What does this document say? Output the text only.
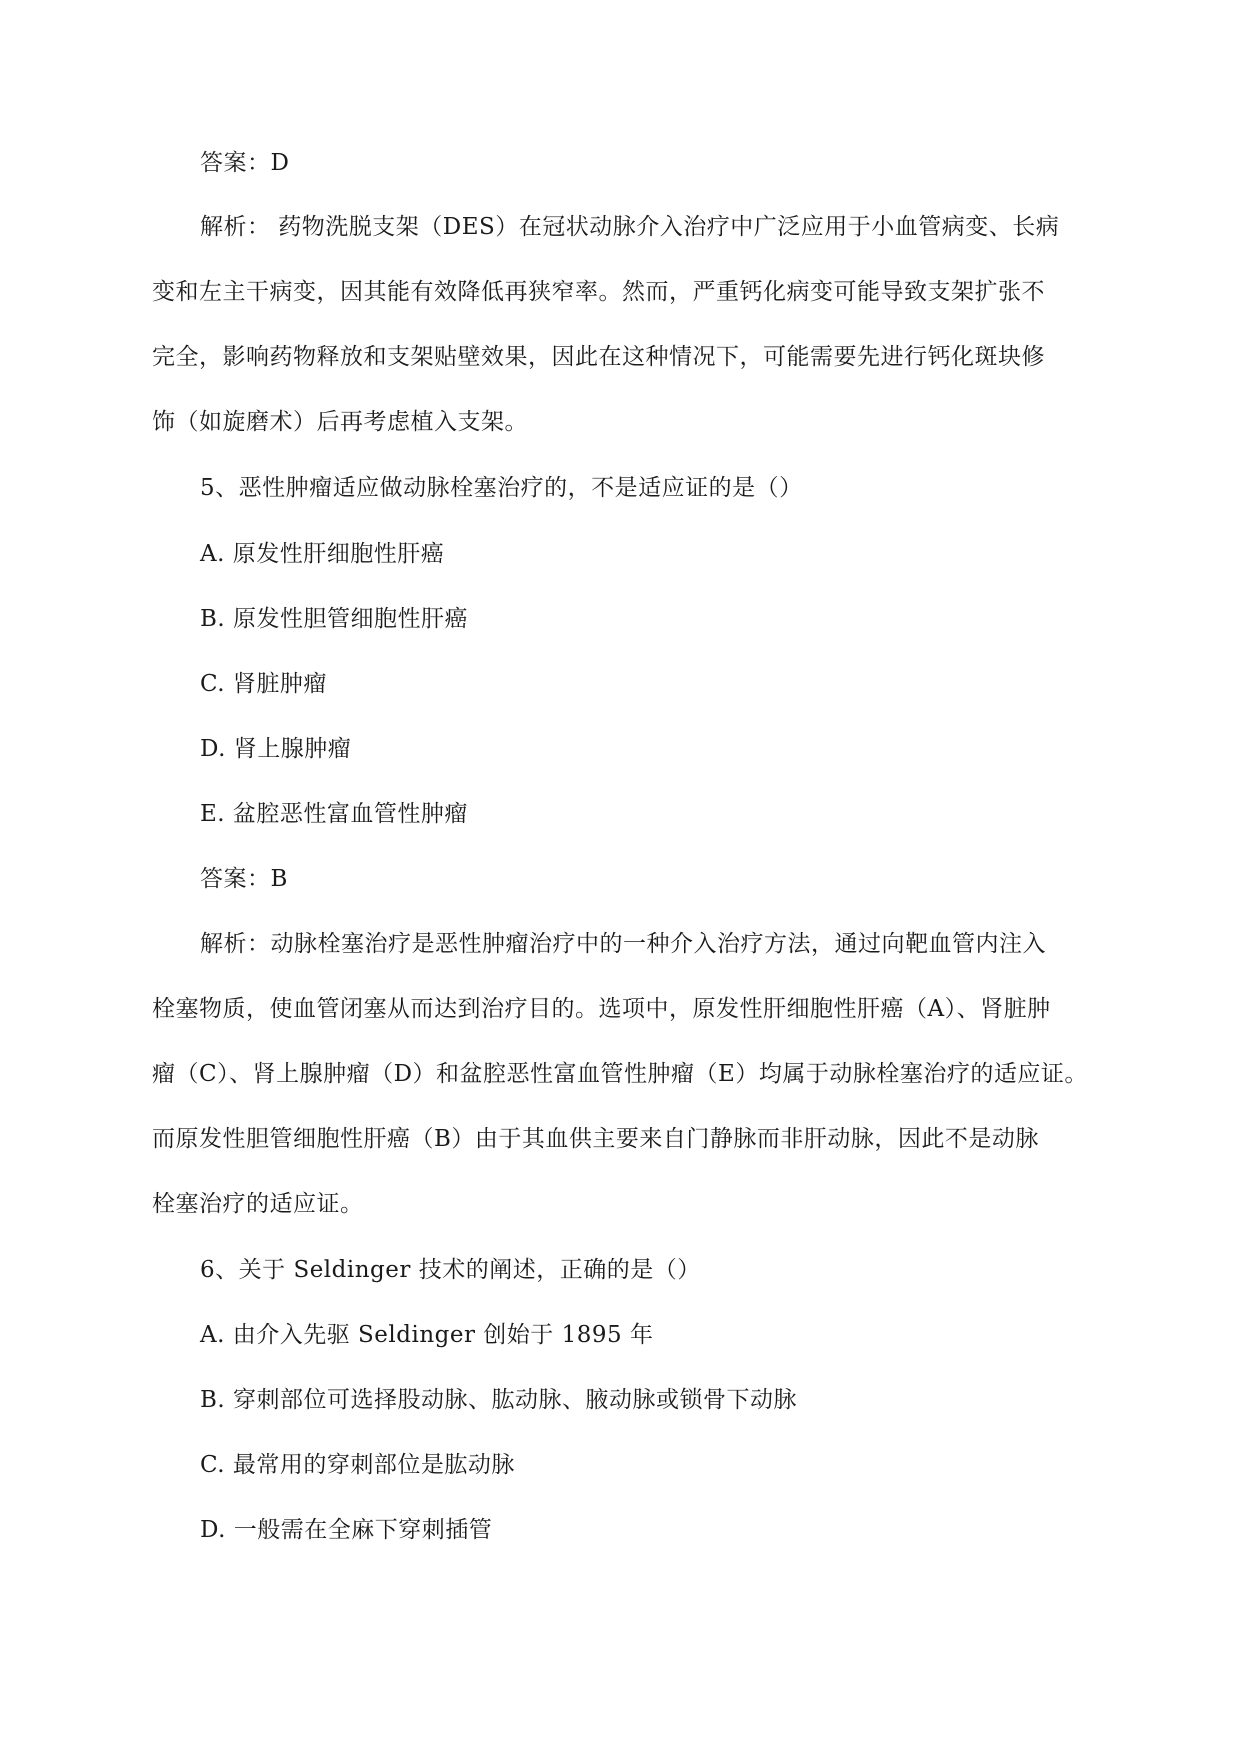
答案：D
解析： 药物洗脱支架（DES）在冠状动脉介入治疗中广泛应用于小血管病变、长病
变和左主干病变，因其能有效降低再狭窄率。然而，严重钙化病变可能导致支架扩张不
完全，影响药物释放和支架贴壁效果，因此在这种情况下，可能需要先进行钙化斑块修
饰（如旋磨术）后再考虑植入支架。
5、恶性肿瘤适应做动脉栓塞治疗的，不是适应证的是（）
A. 原发性肝细胞性肝癌
B. 原发性胆管细胞性肝癌
C. 肾脏肿瘤
D. 肾上腺肿瘤
E. 盆腔恶性富血管性肿瘤
答案：B
解析：动脉栓塞治疗是恶性肿瘤治疗中的一种介入治疗方法，通过向靶血管内注入
栓塞物质，使血管闭塞从而达到治疗目的。选项中，原发性肝细胞性肝癌（A）、肾脏肿
瘤（C）、肾上腺肿瘤（D）和盆腔恶性富血管性肿瘤（E）均属于动脉栓塞治疗的适应证。
而原发性胆管细胞性肝癌（B）由于其血供主要来自门静脉而非肝动脉，因此不是动脉
栓塞治疗的适应证。
6、关于 Seldinger 技术的阐述，正确的是（）
A. 由介入先驱 Seldinger 创始于 1895 年
B. 穿刺部位可选择股动脉、肱动脉、腋动脉或锁骨下动脉
C. 最常用的穿刺部位是肱动脉
D. 一般需在全麻下穿刺插管
